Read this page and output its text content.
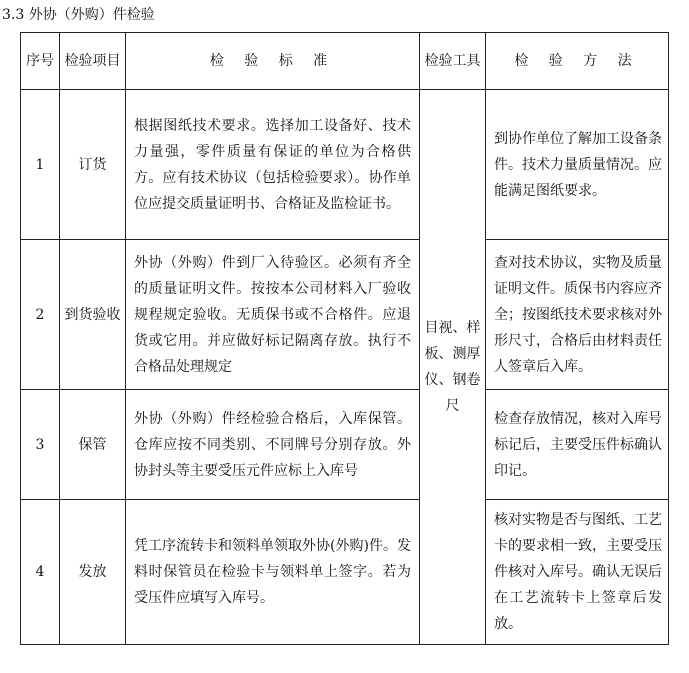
3.3 外协（外购）件检验
序号	检验项目	检 验 标 准	检验工具	检 验 方 法
1	订货	根据图纸技术要求。选择加工设备好、技术力量强，零件质量有保证的单位为合格供方。应有技术协议（包括检验要求）。协作单位应提交质量证明书、合格证及监检证书。	目视、样板、测厚仪、钢卷尺	到协作单位了解加工设备条件。技术力量质量情况。应能满足图纸要求。
2	到货验收	外协（外购）件到厂入待验区。必须有齐全的质量证明文件。按按本公司材料入厂验收规程规定验收。无质保书或不合格件。应退货或它用。并应做好标记隔离存放。执行不合格品处理规定		查对技术协议，实物及质量证明文件。质保书内容应齐全；按图纸技术要求核对外形尺寸，合格后由材料责任人签章后入库。
3	保管	外协（外购）件经检验合格后，入库保管。仓库应按不同类别、不同牌号分别存放。外协封头等主要受压元件应标上入库号		检查存放情况，核对入库号标记后，主要受压件标确认印记。
4	发放	凭工序流转卡和领料单领取外协(外购)件。发料时保管员在检验卡与领料单上签字。若为受压件应填写入库号。		核对实物是否与图纸、工艺卡的要求相一致，主要受压件核对入库号。确认无误后在工艺流转卡上签章后发放。
